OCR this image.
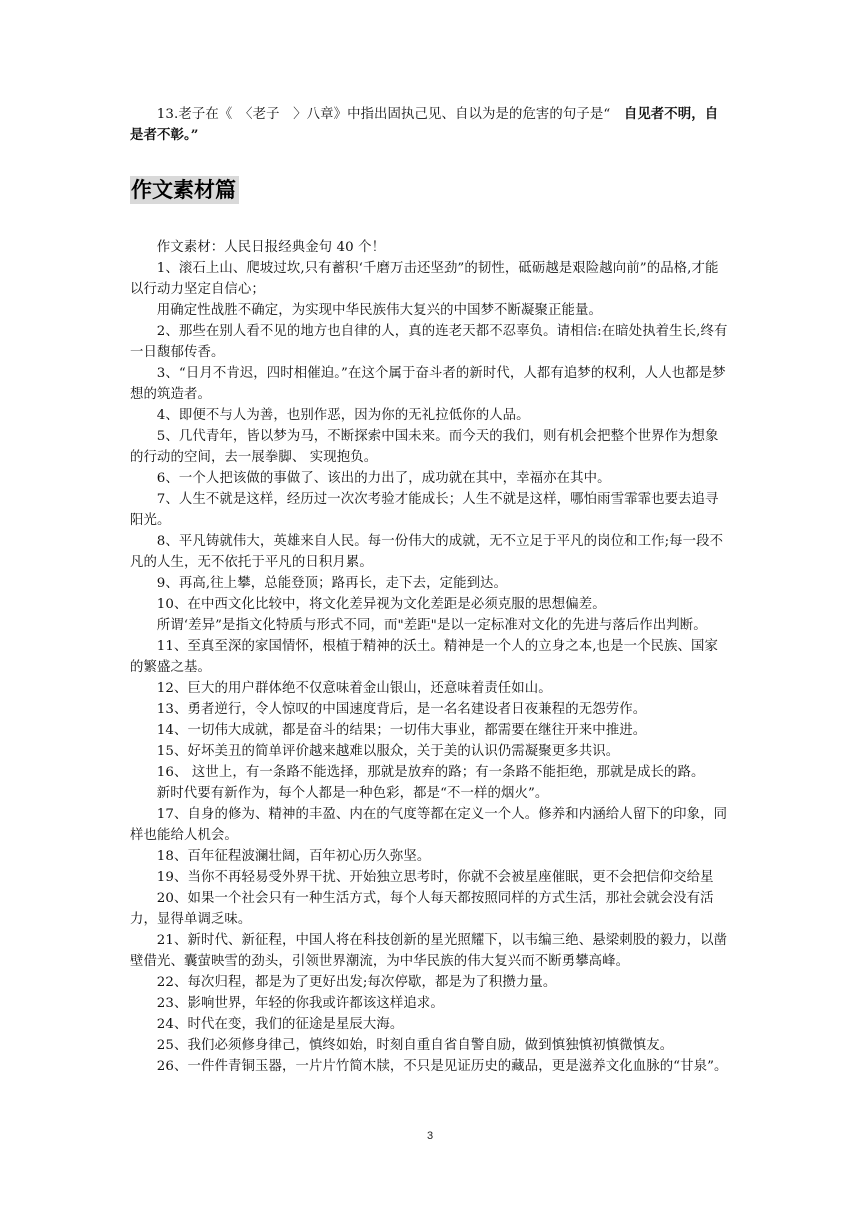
13.老子在《　〈老子　〉八章》中指出固执己见、自以为是的危害的句子是“　自见者不明，自是者不彰。”

作文素材篇

作文素材：人民日报经典金句 40 个！

1、滚石上山、爬坡过坎,只有蓄积‘千磨万击还坚劲”的韧性，砥砺越是艰险越向前”的品格,才能以行动力坚定自信心；

用确定性战胜不确定，为实现中华民族伟大复兴的中国梦不断凝聚正能量。

2、那些在别人看不见的地方也自律的人，真的连老天都不忍辜负。请相信:在暗处执着生长,终有一日馥郁传香。

3、“日月不肯迟，四时相催迫。”在这个属于奋斗者的新时代，人都有追梦的权利，人人也都是梦想的筑造者。

4、即便不与人为善，也别作恶，因为你的无礼拉低你的人品。

5、几代青年，皆以梦为马，不断探索中国未来。而今天的我们，则有机会把整个世界作为想象的行动的空间，去一展拳脚、 实现抱负。

6、一个人把该做的事做了、该出的力出了，成功就在其中，幸福亦在其中。

7、人生不就是这样，经历过一次次考验才能成长；人生不就是这样，哪怕雨雪霏霏也要去追寻阳光。

8、平凡铸就伟大，英雄来自人民。每一份伟大的成就，无不立足于平凡的岗位和工作;每一段不凡的人生，无不依托于平凡的日积月累。

9、再高,往上攀，总能登顶；路再长，走下去，定能到达。

10、在中西文化比较中，将文化差异视为文化差距是必须克服的思想偏差。

所谓‘差异”是指文化特质与形式不同，而"差距"是以一定标准对文化的先进与落后作出判断。

11、至真至深的家国情怀，根植于精神的沃土。精神是一个人的立身之本,也是一个民族、国家的繁盛之基。

12、巨大的用户群体绝不仅意味着金山银山，还意味着责任如山。

13、勇者逆行，令人惊叹的中国速度背后，是一名名建设者日夜兼程的无怨劳作。

14、一切伟大成就，都是奋斗的结果；一切伟大事业，都需要在继往开来中推进。

15、好坏美丑的简单评价越来越难以服众，关于美的认识仍需凝聚更多共识。

16、 这世上，有一条路不能选择，那就是放弃的路；有一条路不能拒绝，那就是成长的路。

新时代要有新作为，每个人都是一种色彩，都是“不一样的烟火”。

17、自身的修为、精神的丰盈、内在的气度等都在定义一个人。修养和内涵给人留下的印象，同样也能给人机会。

18、百年征程波澜壮阔，百年初心历久弥坚。

19、当你不再轻易受外界干扰、开始独立思考时，你就不会被星座催眠，更不会把信仰交给星

20、如果一个社会只有一种生活方式，每个人每天都按照同样的方式生活，那社会就会没有活力，显得单调乏味。

21、新时代、新征程，中国人将在科技创新的星光照耀下，以韦编三绝、悬梁刺股的毅力，以凿壁借光、囊萤映雪的劲头，引领世界潮流，为中华民族的伟大复兴而不断勇攀高峰。

22、每次归程，都是为了更好出发;每次停歇，都是为了积攒力量。

23、影响世界，年轻的你我或许都该这样追求。

24、时代在变，我们的征途是星辰大海。

25、我们必须修身律己，慎终如始，时刻自重自省自警自励，做到慎独慎初慎微慎友。

26、一件件青铜玉器，一片片竹简木牍，不只是见证历史的藏品，更是滋养文化血脉的“甘泉”。

3
